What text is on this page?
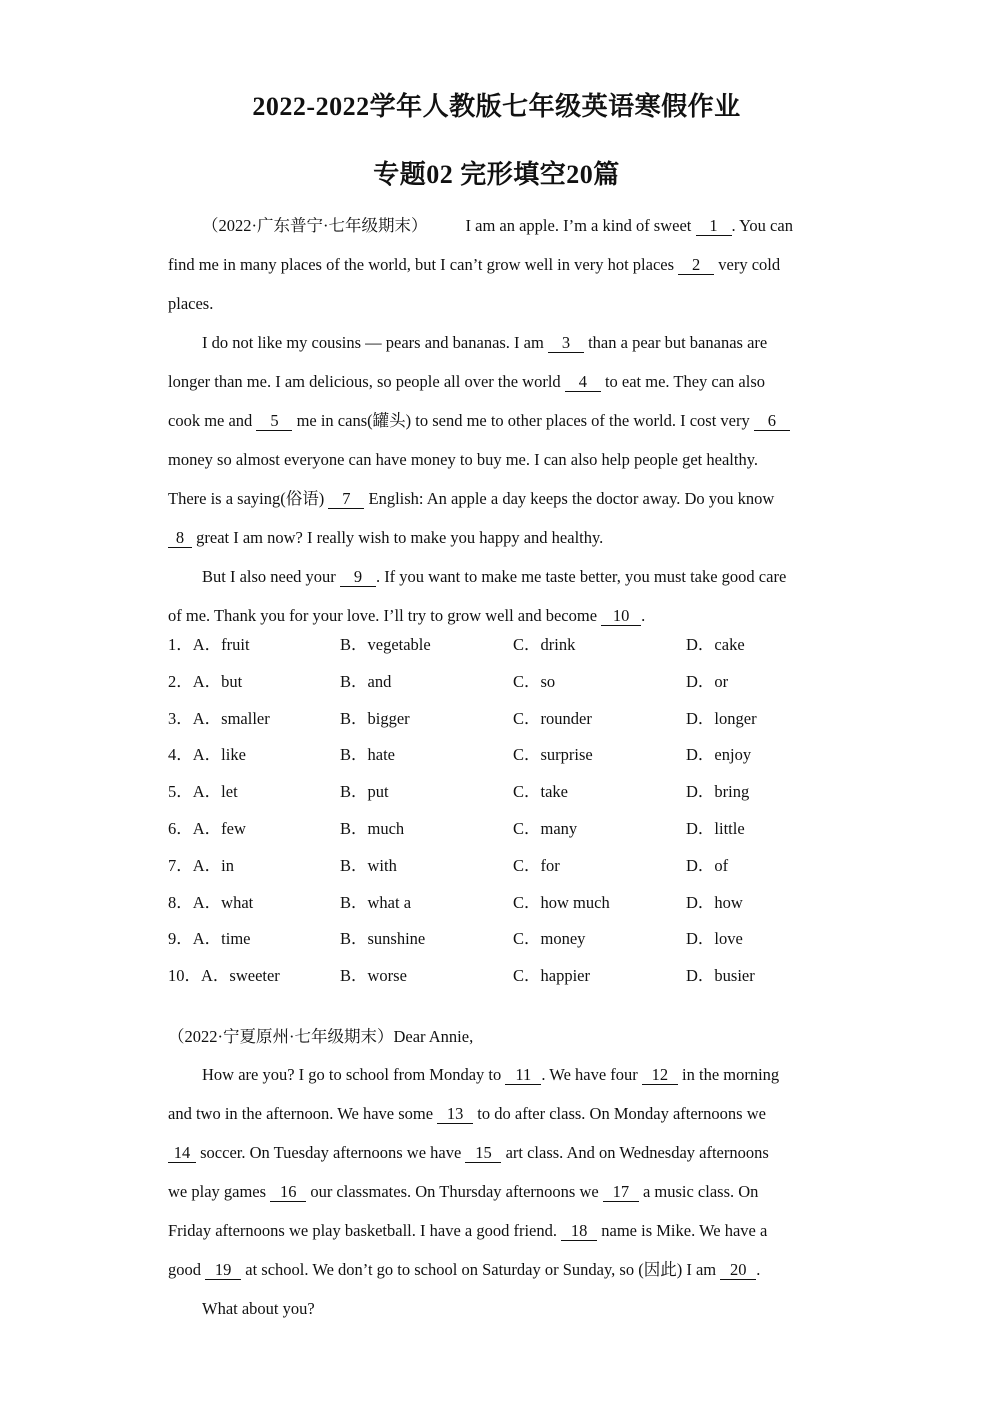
2022-2022学年人教版七年级英语寒假作业
专题02 完形填空20篇
（2022·广东普宁·七年级期末） I am an apple. I’m a kind of sweet 1 . You can
find me in many places of the world, but I can’t grow well in very hot places 2 very cold
places.
I do not like my cousins — pears and bananas. I am 3 than a pear but bananas are
longer than me. I am delicious, so people all over the world 4 to eat me. They can also
cook me and 5 me in cans(罐头) to send me to other places of the world. I cost very 6
money so almost everyone can have money to buy me. I can also help people get healthy.
There is a saying(俗语) 7 English: An apple a day keeps the doctor away. Do you know
8 great I am now? I really wish to make you happy and healthy.
But I also need your 9 . If you want to make me taste better, you must take good care
of me. Thank you for your love. I’ll try to grow well and become 10 .
1．A．fruit	B．vegetable	C．drink	D．cake
2．A．but	B．and	C．so	D．or
3．A．smaller	B．bigger	C．rounder	D．longer
4．A．like	B．hate	C．surprise	D．enjoy
5．A．let	B．put	C．take	D．bring
6．A．few	B．much	C．many	D．little
7．A．in	B．with	C．for	D．of
8．A．what	B．what a	C．how much	D．how
9．A．time	B．sunshine	C．money	D．love
10．A．sweeter	B．worse	C．happier	D．busier
（2022·宁夏原州·七年级期末）Dear Annie,
How are you? I go to school from Monday to 11 . We have four 12 in the morning
and two in the afternoon. We have some 13 to do after class. On Monday afternoons we
14 soccer. On Tuesday afternoons we have 15 art class. And on Wednesday afternoons
we play games 16 our classmates. On Thursday afternoons we 17 a music class. On
Friday afternoons we play basketball. I have a good friend. 18 name is Mike. We have a
good 19 at school. We don’t go to school on Saturday or Sunday, so (因此) I am 20 .
What about you?
